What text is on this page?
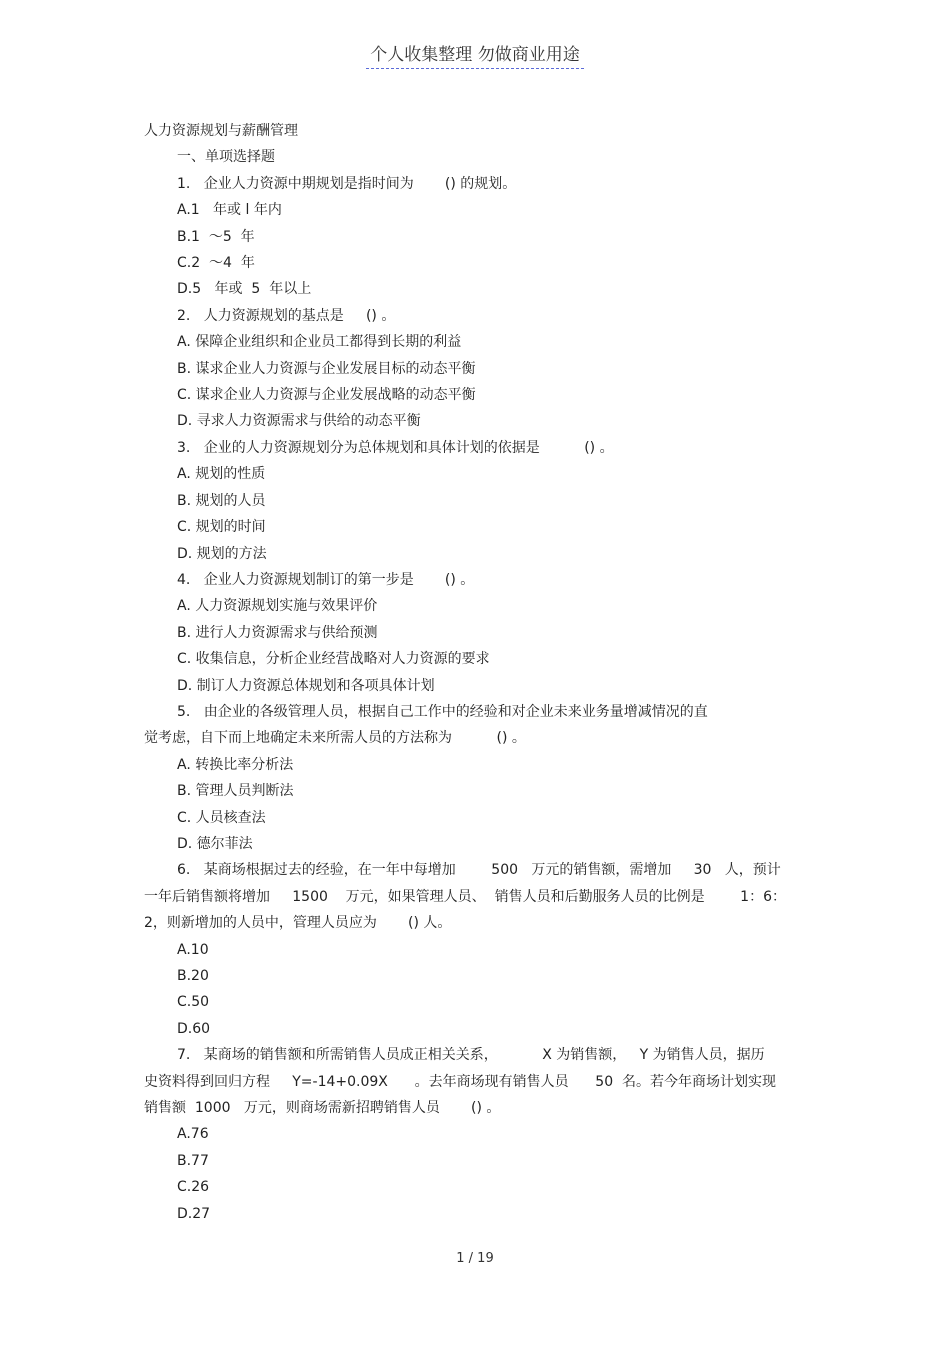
个人收集整理 勿做商业用途
人力资源规划与薪酬管理
一、单项选择题
1.   企业人力资源中期规划是指时间为       () 的规划。
A.1   年或 l 年内
B.1  ～5  年
C.2  ～4  年
D.5   年或  5  年以上
2.   人力资源规划的基点是     () 。
A. 保障企业组织和企业员工都得到长期的利益
B. 谋求企业人力资源与企业发展目标的动态平衡
C. 谋求企业人力资源与企业发展战略的动态平衡
D. 寻求人力资源需求与供给的动态平衡
3.   企业的人力资源规划分为总体规划和具体计划的依据是          () 。
A. 规划的性质
B. 规划的人员
C. 规划的时间
D. 规划的方法
4.   企业人力资源规划制订的第一步是       () 。
A. 人力资源规划实施与效果评价
B. 进行人力资源需求与供给预测
C. 收集信息，分析企业经营战略对人力资源的要求
D. 制订人力资源总体规划和各项具体计划
5.   由企业的各级管理人员，根据自己工作中的经验和对企业未来业务量增减情况的直
觉考虑，自下而上地确定未来所需人员的方法称为          () 。
A. 转换比率分析法
B. 管理人员判断法
C. 人员核查法
D. 德尔菲法
6.   某商场根据过去的经验，在一年中每增加        500   万元的销售额，需增加     30   人，预计
一年后销售额将增加     1500    万元，如果管理人员、  销售人员和后勤服务人员的比例是        1：6：
2，则新增加的人员中，管理人员应为       () 人。
A.10
B.20
C.50
D.60
7.   某商场的销售额和所需销售人员成正相关关系，          X 为销售额，   Y 为销售人员，据历
史资料得到回归方程     Y=-14+0.09X      。去年商场现有销售人员      50  名。若今年商场计划实现
销售额  1000   万元，则商场需新招聘销售人员       () 。
A.76
B.77
C.26
D.27
1 / 19
